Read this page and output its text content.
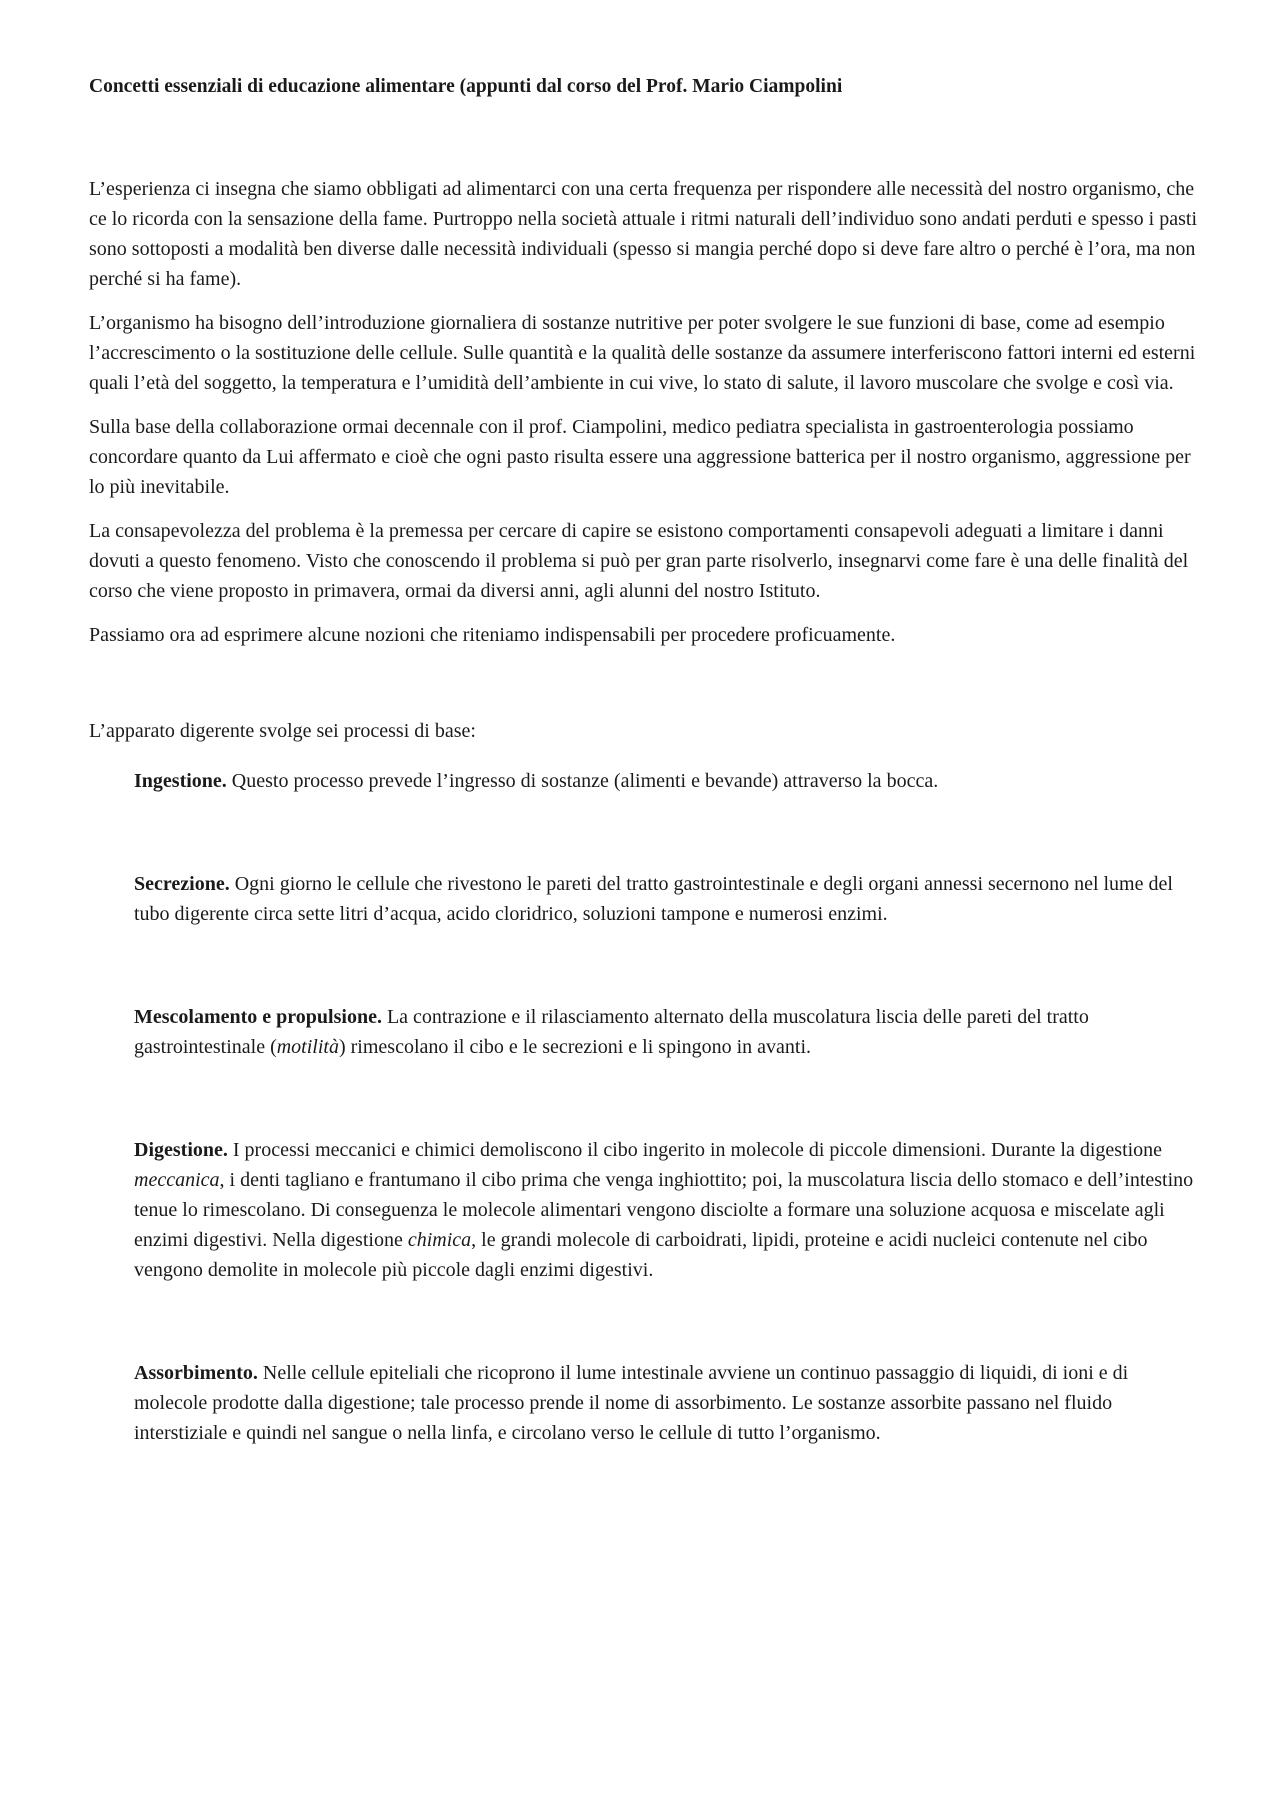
Concetti essenziali di educazione alimentare (appunti dal corso del Prof. Mario Ciampolini

L’esperienza ci insegna che siamo obbligati ad alimentarci con una certa frequenza per rispondere alle necessità del nostro organismo, che ce lo ricorda con la sensazione della fame. Purtroppo nella società attuale i ritmi naturali dell’individuo sono andati perduti e spesso i pasti sono sottoposti a modalità ben diverse dalle necessità individuali (spesso si mangia perché dopo si deve fare altro o perché è l’ora, ma non perché si ha fame).

L’organismo ha bisogno dell’introduzione giornaliera di sostanze nutritive per poter svolgere le sue funzioni di base, come ad esempio l’accrescimento o la sostituzione delle cellule. Sulle quantità e la qualità delle sostanze da assumere interferiscono fattori interni ed esterni quali l’età del soggetto, la temperatura e l’umidità dell’ambiente in cui vive, lo stato di salute, il lavoro muscolare che svolge e così via.

Sulla base della collaborazione ormai decennale con il prof. Ciampolini, medico pediatra specialista in gastroenterologia possiamo concordare quanto da Lui affermato e cioè che ogni pasto risulta essere una aggressione batterica per il nostro organismo, aggressione per lo più inevitabile.

La consapevolezza del problema è la premessa per cercare di capire se esistono comportamenti consapevoli adeguati a limitare i danni dovuti a questo fenomeno. Visto che conoscendo il problema si può per gran parte risolverlo, insegnarvi come fare è una delle finalità del corso che viene proposto in primavera, ormai da diversi anni, agli alunni del nostro Istituto.

Passiamo ora ad esprimere alcune nozioni che riteniamo indispensabili per procedere proficuamente.

L’apparato digerente svolge sei processi di base:

Ingestione. Questo processo prevede l’ingresso di sostanze (alimenti e bevande) attraverso la bocca.

Secrezione. Ogni giorno le cellule che rivestono le pareti del tratto gastrointestinale e degli organi annessi secernono nel lume del tubo digerente circa sette litri d’acqua, acido cloridrico, soluzioni tampone e numerosi enzimi.

Mescolamento e propulsione. La contrazione e il rilasciamento alternato della muscolatura liscia delle pareti del tratto gastrointestinale (motilità) rimescolano il cibo e le secrezioni e li spingono in avanti.

Digestione. I processi meccanici e chimici demoliscono il cibo ingerito in molecole di piccole dimensioni. Durante la digestione meccanica, i denti tagliano e frantumano il cibo prima che venga inghiottito; poi, la muscolatura liscia dello stomaco e dell’intestino tenue lo rimescolano. Di conseguenza le molecole alimentari vengono disciolte a formare una soluzione acquosa e miscelate agli enzimi digestivi. Nella digestione chimica, le grandi molecole di carboidrati, lipidi, proteine e acidi nucleici contenute nel cibo vengono demolite in molecole più piccole dagli enzimi digestivi.

Assorbimento. Nelle cellule epiteliali che ricoprono il lume intestinale avviene un continuo passaggio di liquidi, di ioni e di molecole prodotte dalla digestione; tale processo prende il nome di assorbimento. Le sostanze assorbite passano nel fluido interstiziale e quindi nel sangue o nella linfa, e circolano verso le cellule di tutto l’organismo.
